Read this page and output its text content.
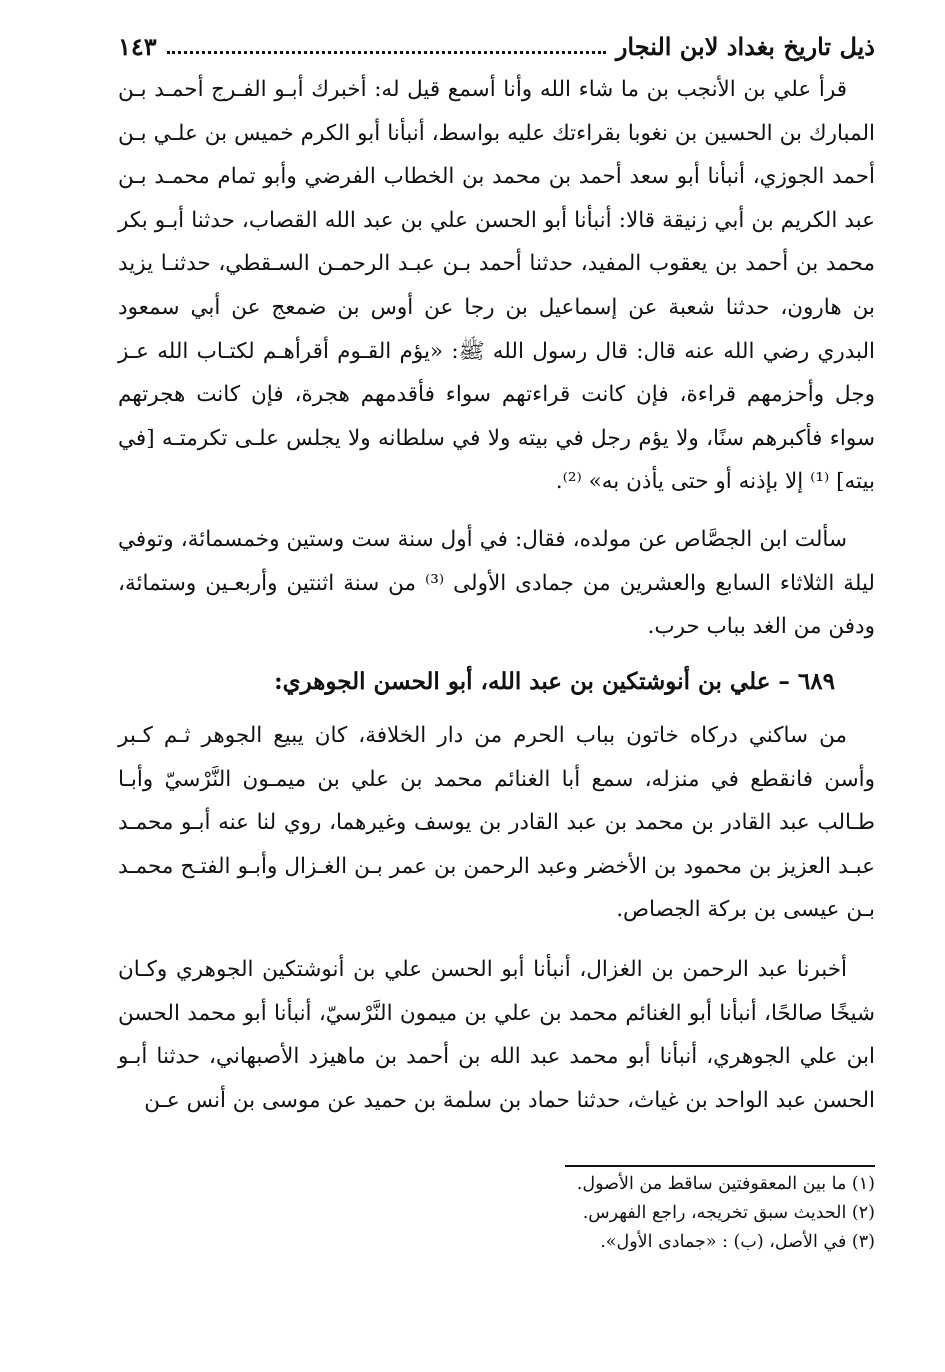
ذيل تاريخ بغداد لابن النجار
١٤٣

قرأ علي بن الأنجب بن ما شاء الله وأنا أسمع قيل له: أخبرك أبـو الفـرج أحمـد بـن المبارك بن الحسين بن نغوبا بقراءتك عليه بواسط، أنبأنا أبو الكرم خميس بن علـي بـن أحمد الجوزي، أنبأنا أبو سعد أحمد بن محمد بن الخطاب الفرضي وأبو تمام محمـد بـن عبد الكريم بن أبي زنيقة قالا: أنبأنا أبو الحسن علي بن عبد الله القصاب، حدثنا أبـو بكر محمد بن أحمد بن يعقوب المفيد، حدثنا أحمد بـن عبـد الرحمـن السـقطي، حدثنـا يزيد بن هارون، حدثنا شعبة عن إسماعيل بن رجا عن أوس بن ضمعج عن أبي سمعود البدري رضي الله عنه قال: قال رسول الله ﷺ: «يؤم القـوم أقرأهـم لكتـاب الله عـز وجل وأحزمهم قراءة، فإن كانت قراءتهم سواء فأقدمهم هجرة، فإن كانت هجرتهم سواء فأكبرهم سنًا، ولا يؤم رجل في بيته ولا في سلطانه ولا يجلس علـى تكرمتـه [في بيته] ⁽¹⁾ إلا بإذنه أو حتى يأذن به» ⁽²⁾.

سألت ابن الجصَّاص عن مولده، فقال: في أول سنة ست وستين وخمسمائة، وتوفي ليلة الثلاثاء السابع والعشرين من جمادى الأولى ⁽³⁾ من سنة اثنتين وأربعـين وستمائة، ودفن من الغد بباب حرب.

٦٨٩ – علي بن أنوشتكين بن عبد الله، أبو الحسن الجوهري:

من ساكني دركاه خاتون بباب الحرم من دار الخلافة، كان يبيع الجوهر ثـم كـبر وأسن فانقطع في منزله، سمع أبا الغنائم محمد بن علي بن ميمـون النَّرْسيّ وأبـا طـالب عبد القادر بن محمد بن عبد القادر بن يوسف وغيرهما، روي لنا عنه أبـو محمـد عبـد العزيز بن محمود بن الأخضر وعبد الرحمن بن عمر بـن الغـزال وأبـو الفتـح محمـد بـن عيسى بن بركة الجصاص.

أخبرنا عبد الرحمن بن الغزال، أنبأنا أبو الحسن علي بن أنوشتكين الجوهري وكـان شيخًا صالحًا، أنبأنا أبو الغنائم محمد بن علي بن ميمون النَّرْسيّ، أنبأنا أبو محمد الحسن ابن علي الجوهري، أنبأنا أبو محمد عبد الله بن أحمد بن ماهيزد الأصبهاني، حدثنا أبـو الحسن عبد الواحد بن غياث، حدثنا حماد بن سلمة بن حميد عن موسى بن أنس عـن

(١) ما بين المعقوفتين ساقط من الأصول.
(٢) الحديث سبق تخريجه، راجع الفهرس.
(٣) في الأصل، (ب) : «جمادى الأول».
